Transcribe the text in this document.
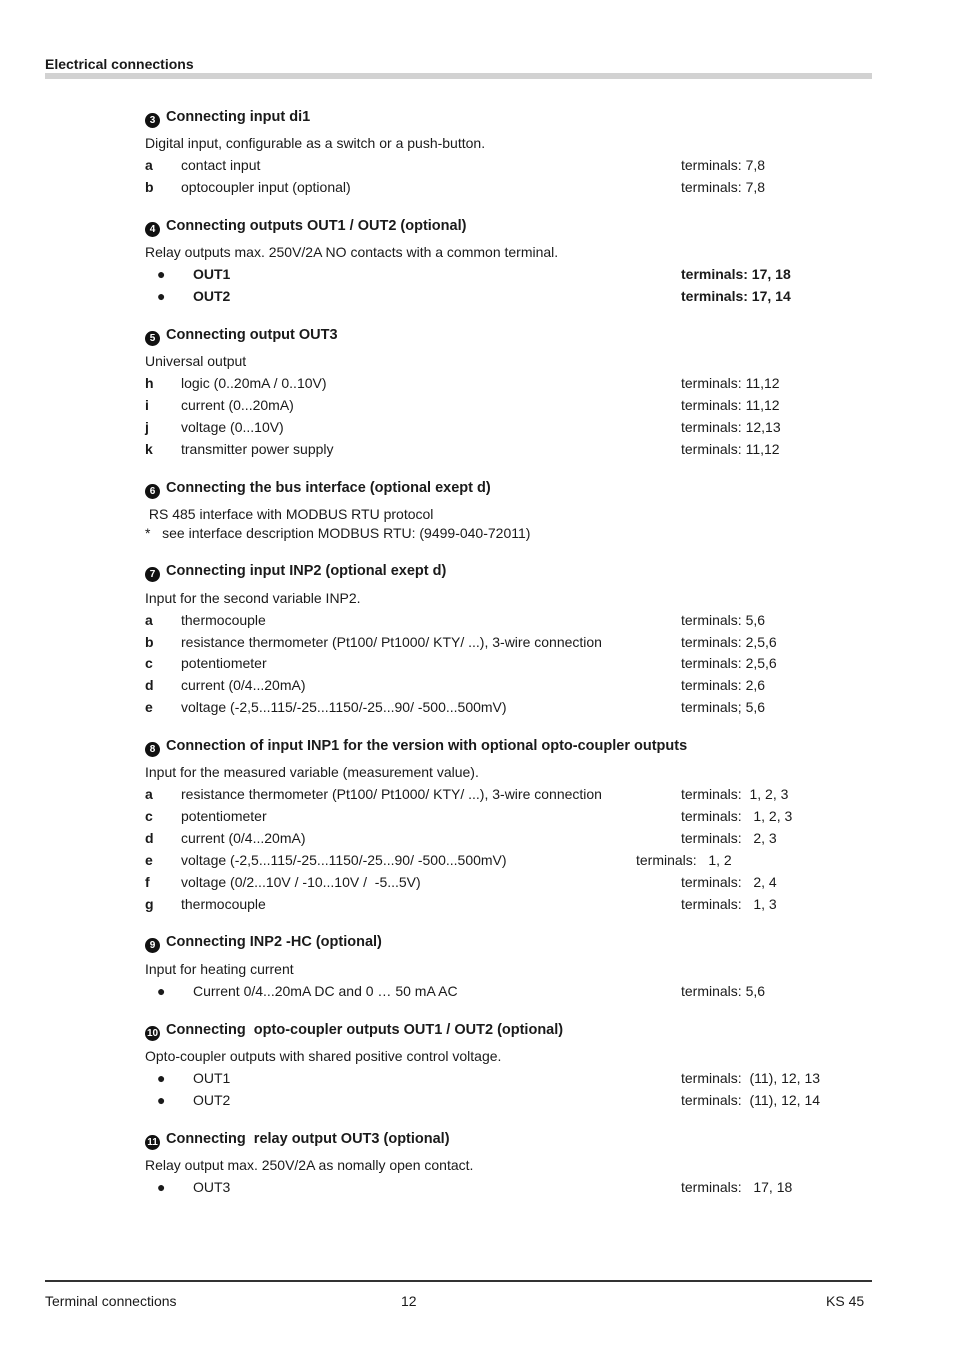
Electrical connections
3 Connecting input di1
Digital input, configurable as a switch or a push-button.
a contact input	terminals: 7,8
b optocoupler input (optional)	terminals: 7,8
4 Connecting outputs OUT1 / OUT2 (optional)
Relay outputs max. 250V/2A NO contacts with a common terminal.
● OUT1	terminals: 17, 18
● OUT2	terminals: 17, 14
5 Connecting output OUT3
Universal output
h logic (0..20mA / 0..10V)	terminals: 11,12
i current (0...20mA)	terminals: 11,12
j voltage (0...10V)	terminals: 12,13
k transmitter power supply	terminals: 11,12
6 Connecting the bus interface (optional exept d)
RS 485 interface with MODBUS RTU protocol
*   see interface description MODBUS RTU: (9499-040-72011)
7 Connecting input INP2 (optional exept d)
Input for the second variable INP2.
a thermocouple	terminals: 5,6
b resistance thermometer (Pt100/ Pt1000/ KTY/ ...), 3-wire connection	terminals: 2,5,6
c potentiometer	terminals: 2,5,6
d current (0/4...20mA)	terminals: 2,6
e voltage (-2,5...115/-25...1150/-25...90/ -500...500mV)	terminals; 5,6
8 Connection of input INP1 for the version with optional opto-coupler outputs
Input for the measured variable (measurement value).
a resistance thermometer (Pt100/ Pt1000/ KTY/ ...), 3-wire connection	terminals:  1, 2, 3
c potentiometer	terminals:   1, 2, 3
d current (0/4...20mA)	terminals:   2, 3
e voltage (-2,5...115/-25...1150/-25...90/ -500...500mV)	terminals:   1, 2
f voltage (0/2...10V / -10...10V /  -5...5V)	terminals:   2, 4
g thermocouple	terminals:   1, 3
9 Connecting INP2 -HC (optional)
Input for heating current
● Current 0/4...20mA DC and 0 … 50 mA AC	terminals: 5,6
10 Connecting  opto-coupler outputs OUT1 / OUT2 (optional)
Opto-coupler outputs with shared positive control voltage.
● OUT1	terminals:  (11), 12, 13
● OUT2	terminals:  (11), 12, 14
11 Connecting  relay output OUT3 (optional)
Relay output max. 250V/2A as nomally open contact.
● OUT3	terminals:   17, 18
Terminal connections	12	KS 45
